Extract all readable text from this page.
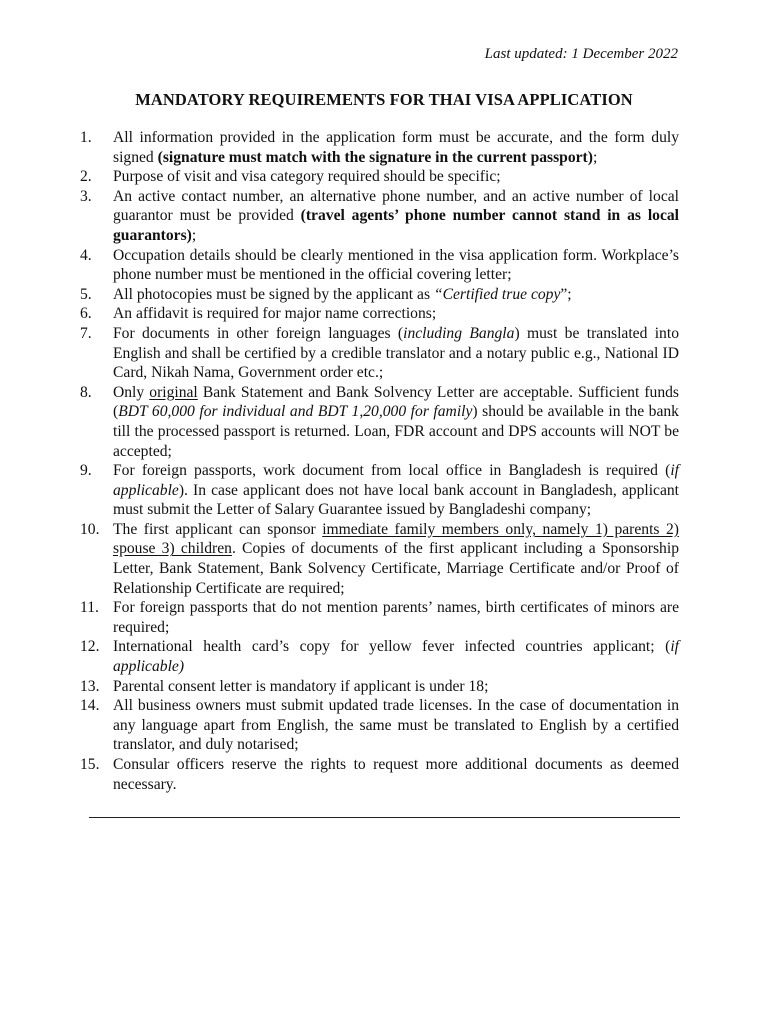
Last updated: 1 December 2022
MANDATORY REQUIREMENTS FOR THAI VISA APPLICATION
1.	All information provided in the application form must be accurate, and the form duly signed (signature must match with the signature in the current passport);
2.	Purpose of visit and visa category required should be specific;
3.	An active contact number, an alternative phone number, and an active number of local guarantor must be provided (travel agents’ phone number cannot stand in as local guarantors);
4.	Occupation details should be clearly mentioned in the visa application form. Workplace’s phone number must be mentioned in the official covering letter;
5.	All photocopies must be signed by the applicant as “Certified true copy”;
6.	An affidavit is required for major name corrections;
7.	For documents in other foreign languages (including Bangla) must be translated into English and shall be certified by a credible translator and a notary public e.g., National ID Card, Nikah Nama, Government order etc.;
8.	Only original Bank Statement and Bank Solvency Letter are acceptable. Sufficient funds (BDT 60,000 for individual and BDT 1,20,000 for family) should be available in the bank till the processed passport is returned. Loan, FDR account and DPS accounts will NOT be accepted;
9.	For foreign passports, work document from local office in Bangladesh is required (if applicable). In case applicant does not have local bank account in Bangladesh, applicant must submit the Letter of Salary Guarantee issued by Bangladeshi company;
10. The first applicant can sponsor immediate family members only, namely 1) parents 2) spouse 3) children. Copies of documents of the first applicant including a Sponsorship Letter, Bank Statement, Bank Solvency Certificate, Marriage Certificate and/or Proof of Relationship Certificate are required;
11. For foreign passports that do not mention parents’ names, birth certificates of minors are required;
12. International health card’s copy for yellow fever infected countries applicant; (if applicable)
13. Parental consent letter is mandatory if applicant is under 18;
14. All business owners must submit updated trade licenses. In the case of documentation in any language apart from English, the same must be translated to English by a certified translator, and duly notarised;
15. Consular officers reserve the rights to request more additional documents as deemed necessary.
